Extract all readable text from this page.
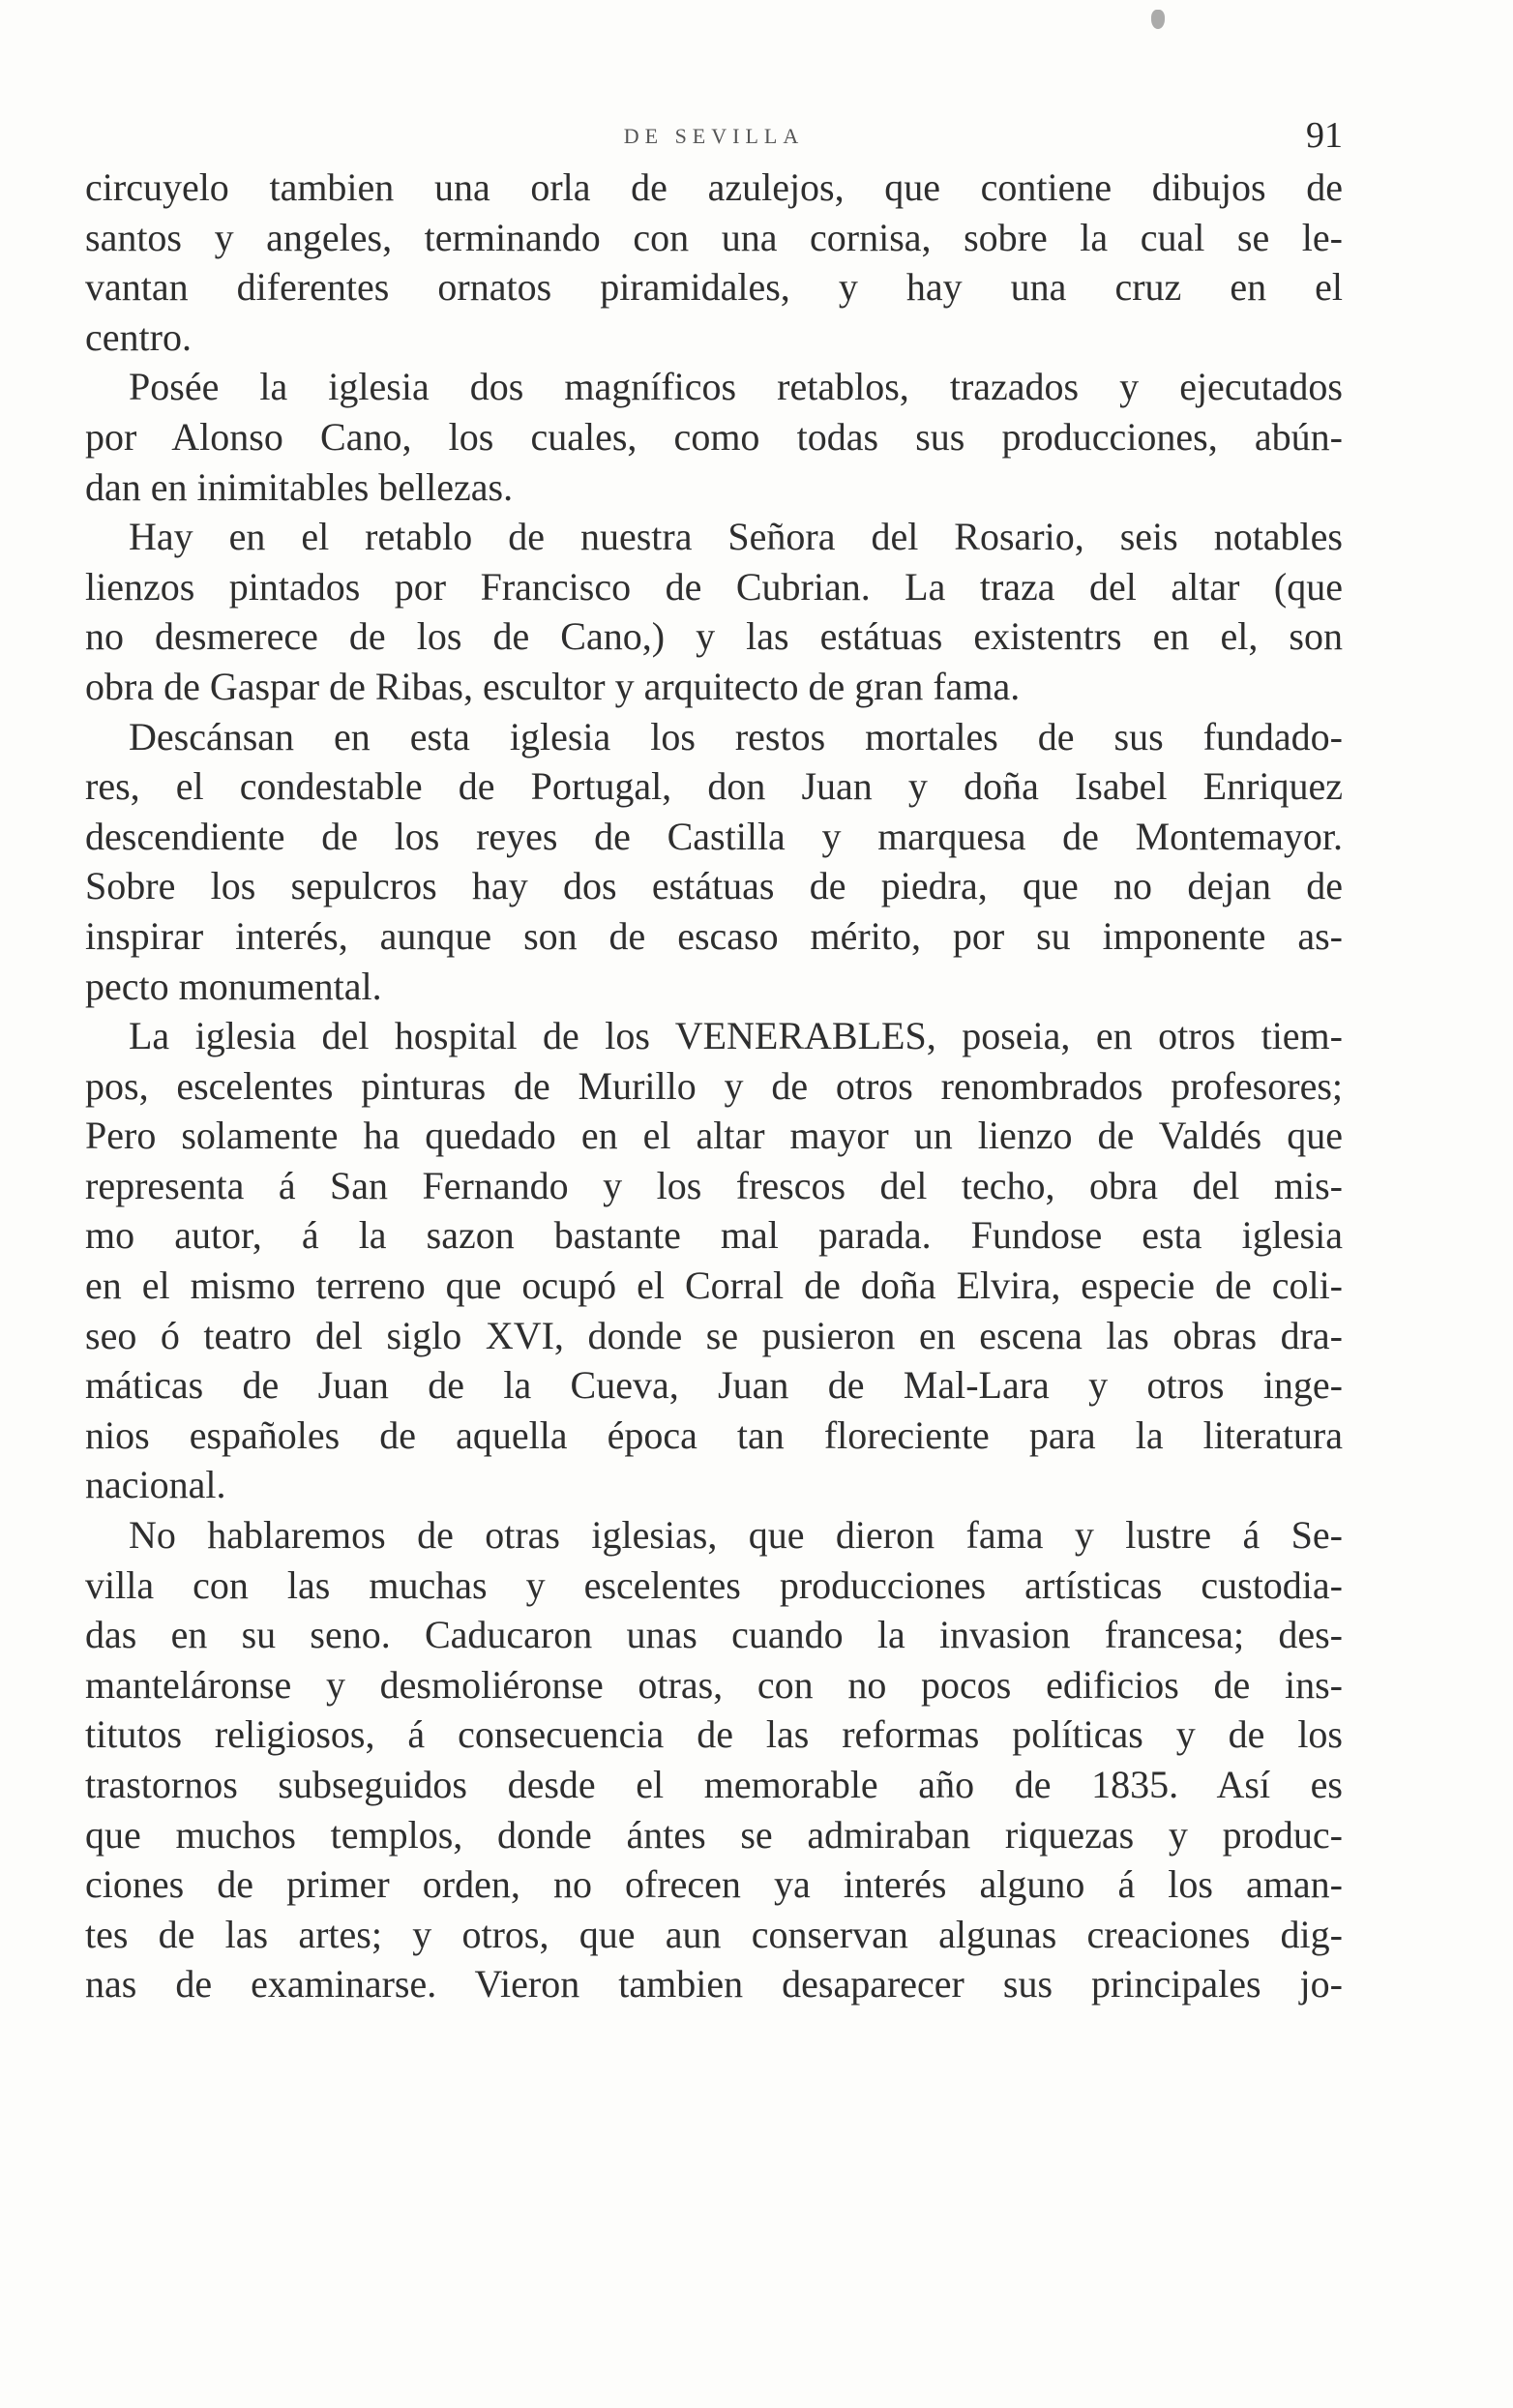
DE SEVILLA	91
circuyelo tambien una orla de azulejos, que contiene dibujos de
santos y angeles, terminando con una cornisa, sobre la cual se le-
vantan diferentes ornatos piramidales, y hay una cruz en el
centro.
Posée la iglesia dos magníficos retablos, trazados y ejecutados
por Alonso Cano, los cuales, como todas sus producciones, abún-
dan en inimitables bellezas.
Hay en el retablo de nuestra Señora del Rosario, seis notables
lienzos pintados por Francisco de Cubrian. La traza del altar (que
no desmerece de los de Cano,) y las estátuas existentrs en el, son
obra de Gaspar de Ribas, escultor y arquitecto de gran fama.
Descánsan en esta iglesia los restos mortales de sus fundado-
res, el condestable de Portugal, don Juan y doña Isabel Enriquez
descendiente de los reyes de Castilla y marquesa de Montemayor.
Sobre los sepulcros hay dos estátuas de piedra, que no dejan de
inspirar interés, aunque son de escaso mérito, por su imponente as-
pecto monumental.
La iglesia del hospital de los VENERABLES, poseia, en otros tiem-
pos, escelentes pinturas de Murillo y de otros renombrados profesores;
Pero solamente ha quedado en el altar mayor un lienzo de Valdés que
representa á San Fernando y los frescos del techo, obra del mis-
mo autor, á la sazon bastante mal parada. Fundose esta iglesia
en el mismo terreno que ocupó el Corral de doña Elvira, especie de coli-
seo ó teatro del siglo XVI, donde se pusieron en escena las obras dra-
máticas de Juan de la Cueva, Juan de Mal-Lara y otros inge-
nios españoles de aquella época tan floreciente para la literatura
nacional.
No hablaremos de otras iglesias, que dieron fama y lustre á Se-
villa con las muchas y escelentes producciones artísticas custodia-
das en su seno. Caducaron unas cuando la invasion francesa; des-
manteláronse y desmoliéronse otras, con no pocos edificios de ins-
titutos religiosos, á consecuencia de las reformas políticas y de los
trastornos subseguidos desde el memorable año de 1835. Así es
que muchos templos, donde ántes se admiraban riquezas y produc-
ciones de primer orden, no ofrecen ya interés alguno á los aman-
tes de las artes; y otros, que aun conservan algunas creaciones dig-
nas de examinarse. Vieron tambien desaparecer sus principales jo-
